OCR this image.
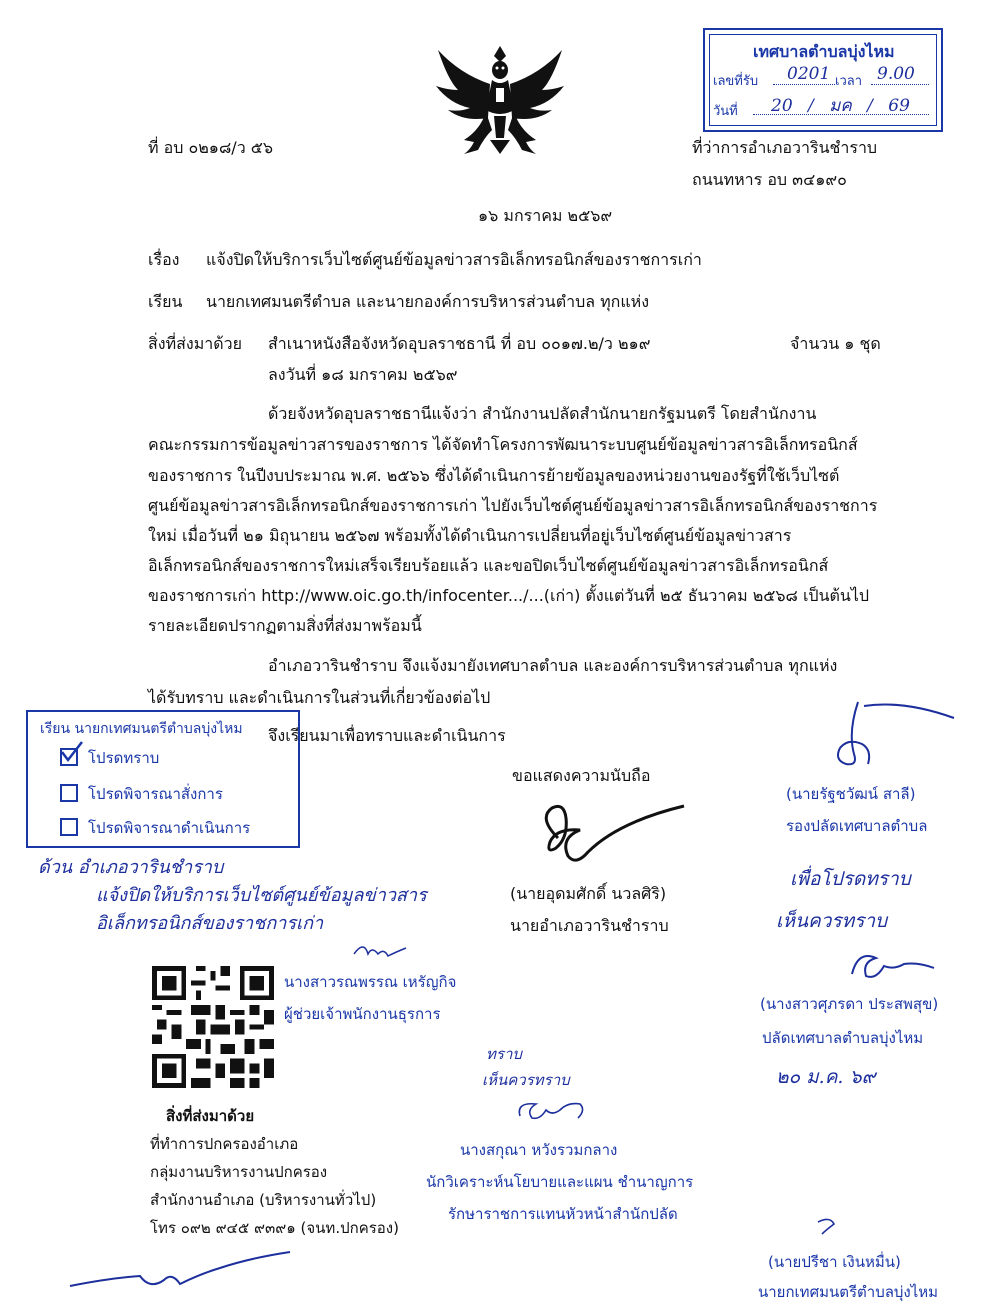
เทศบาลตำบลบุ่งไหม
เลขที่รับ 0201 เวลา 9.00
วันที่ 20 / มค / 69
ที่ อบ ๐๒๑๘/ว ๕๖	ที่ว่าการอำเภอวารินชำราบ
ถนนทหาร อบ ๓๔๑๙๐
๑๖ มกราคม ๒๕๖๙
เรื่อง แจ้งปิดให้บริการเว็บไซต์ศูนย์ข้อมูลข่าวสารอิเล็กทรอนิกส์ของราชการเก่า
เรียน นายกเทศมนตรีตำบล และนายกองค์การบริหารส่วนตำบล ทุกแห่ง
สิ่งที่ส่งมาด้วย สำเนาหนังสือจังหวัดอุบลราชธานี ที่ อบ ๐๐๑๗.๒/ว ๒๑๙	จำนวน ๑ ชุด
ลงวันที่ ๑๘ มกราคม ๒๕๖๙
ด้วยจังหวัดอุบลราชธานีแจ้งว่า สำนักงานปลัดสำนักนายกรัฐมนตรี โดยสำนักงาน
คณะกรรมการข้อมูลข่าวสารของราชการ ได้จัดทำโครงการพัฒนาระบบศูนย์ข้อมูลข่าวสารอิเล็กทรอนิกส์
ของราชการ ในปีงบประมาณ พ.ศ. ๒๕๖๖ ซึ่งได้ดำเนินการย้ายข้อมูลของหน่วยงานของรัฐที่ใช้เว็บไซต์
ศูนย์ข้อมูลข่าวสารอิเล็กทรอนิกส์ของราชการเก่า ไปยังเว็บไซต์ศูนย์ข้อมูลข่าวสารอิเล็กทรอนิกส์ของราชการ
ใหม่ เมื่อวันที่ ๒๑ มิถุนายน ๒๕๖๗ พร้อมทั้งได้ดำเนินการเปลี่ยนที่อยู่เว็บไซต์ศูนย์ข้อมูลข่าวสาร
อิเล็กทรอนิกส์ของราชการใหม่เสร็จเรียบร้อยแล้ว และขอปิดเว็บไซต์ศูนย์ข้อมูลข่าวสารอิเล็กทรอนิกส์
ของราชการเก่า http://www.oic.go.th/infocenter.../...(เก่า) ตั้งแต่วันที่ ๒๕ ธันวาคม ๒๕๖๘ เป็นต้นไป
รายละเอียดปรากฏตามสิ่งที่ส่งมาพร้อมนี้
อำเภอวารินชำราบ จึงแจ้งมายังเทศบาลตำบล และองค์การบริหารส่วนตำบล ทุกแห่ง
ได้รับทราบ และดำเนินการในส่วนที่เกี่ยวข้องต่อไป
จึงเรียนมาเพื่อทราบและดำเนินการ
เรียน นายกเทศมนตรีตำบลบุ่งไหม
โปรดทราบ
โปรดพิจารณาสั่งการ
โปรดพิจารณาดำเนินการ
ขอแสดงความนับถือ
(นายอุดมศักดิ์ นวลศิริ)
นายอำเภอวารินชำราบ
ด้วน อำเภอวารินชำราบ
แจ้งปิดให้บริการเว็บไซต์ศูนย์ข้อมูลข่าวสาร
อิเล็กทรอนิกส์ของราชการเก่า
นางสาวรณพรรณ เหรัญกิจ
ผู้ช่วยเจ้าพนักงานธุรการ
(นายรัฐชวัฒน์ สาลี)
รองปลัดเทศบาลตำบล
เพื่อโปรดทราบ
เห็นควรทราบ
(นางสาวศุภรดา ประสพสุข)
ปลัดเทศบาลตำบลบุ่งไหม
๒๐ ม.ค. ๖๙
ทราบ
เห็นควรทราบ
นางสกุณา หวังรวมกลาง
นักวิเคราะห์นโยบายและแผน ชำนาญการ
รักษาราชการแทนหัวหน้าสำนักปลัด
สิ่งที่ส่งมาด้วย
ที่ทำการปกครองอำเภอ
กลุ่มงานบริหารงานปกครอง
สำนักงานอำเภอ (บริหารงานทั่วไป)
โทร ๐๙๒ ๙๔๕ ๙๓๙๑ (จนท.ปกครอง)
(นายปรีชา เงินหมื่น)
นายกเทศมนตรีตำบลบุ่งไหม
